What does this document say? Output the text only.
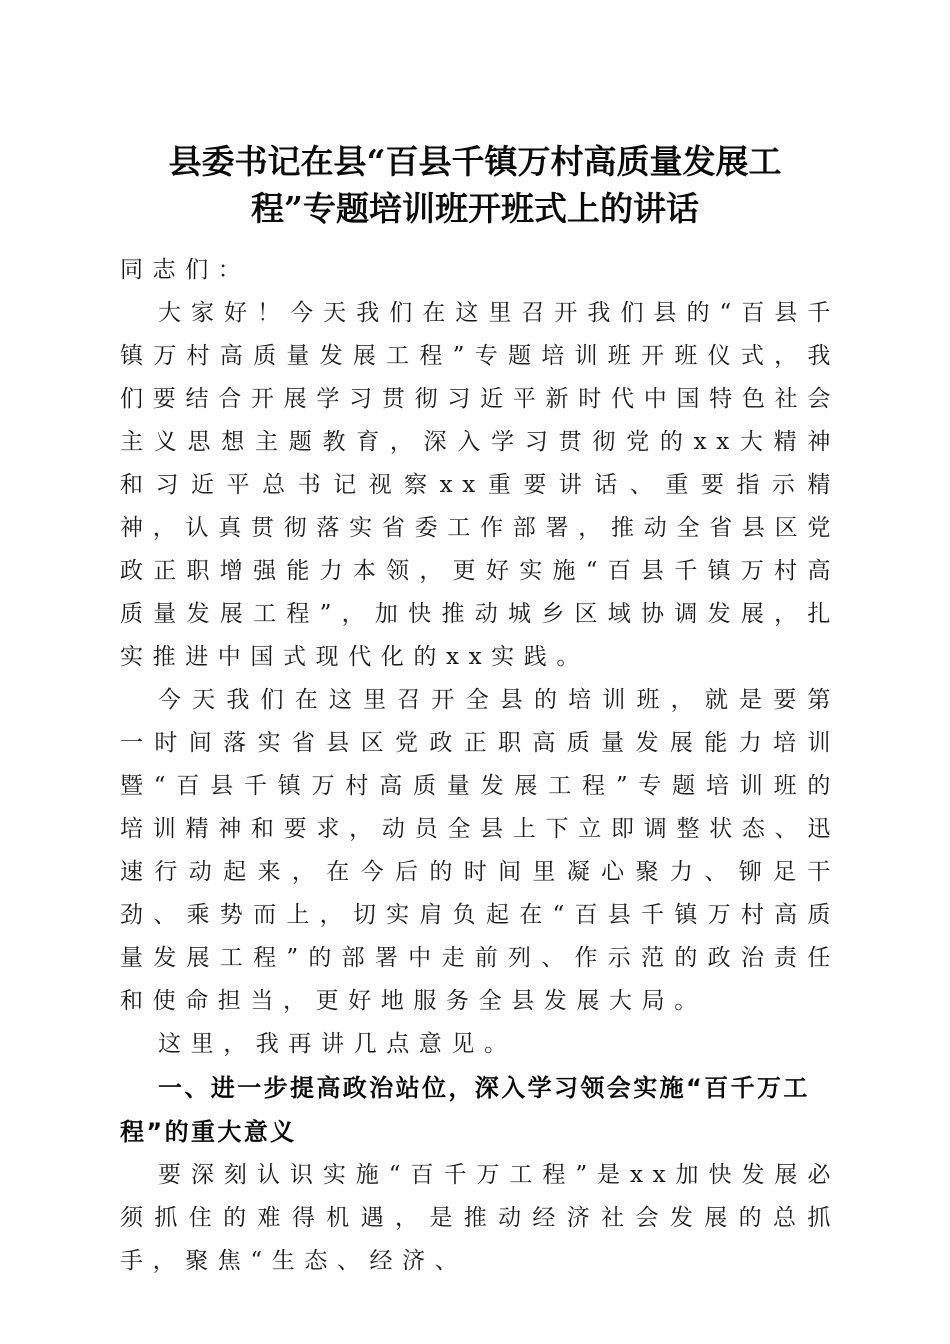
县委书记在县“百县千镇万村高质量发展工
程”专题培训班开班式上的讲话

同志们：

大家好！今天我们在这里召开我们县的“百县千镇万村高质量发展工程”专题培训班开班仪式，我们要结合开展学习贯彻习近平新时代中国特色社会主义思想主题教育，深入学习贯彻党的xx大精神和习近平总书记视察xx重要讲话、重要指示精神，认真贯彻落实省委工作部署，推动全省县区党政正职增强能力本领，更好实施“百县千镇万村高质量发展工程”，加快推动城乡区域协调发展，扎实推进中国式现代化的xx实践。

今天我们在这里召开全县的培训班，就是要第一时间落实省县区党政正职高质量发展能力培训暨“百县千镇万村高质量发展工程”专题培训班的培训精神和要求，动员全县上下立即调整状态、迅速行动起来，在今后的时间里凝心聚力、铆足干劲、乘势而上，切实肩负起在“百县千镇万村高质量发展工程”的部署中走前列、作示范的政治责任和使命担当，更好地服务全县发展大局。

这里，我再讲几点意见。

一、进一步提高政治站位，深入学习领会实施“百千万工程”的重大意义

要深刻认识实施“百千万工程”是xx加快发展必须抓住的难得机遇，是推动经济社会发展的总抓手，聚焦“生态、经济、
